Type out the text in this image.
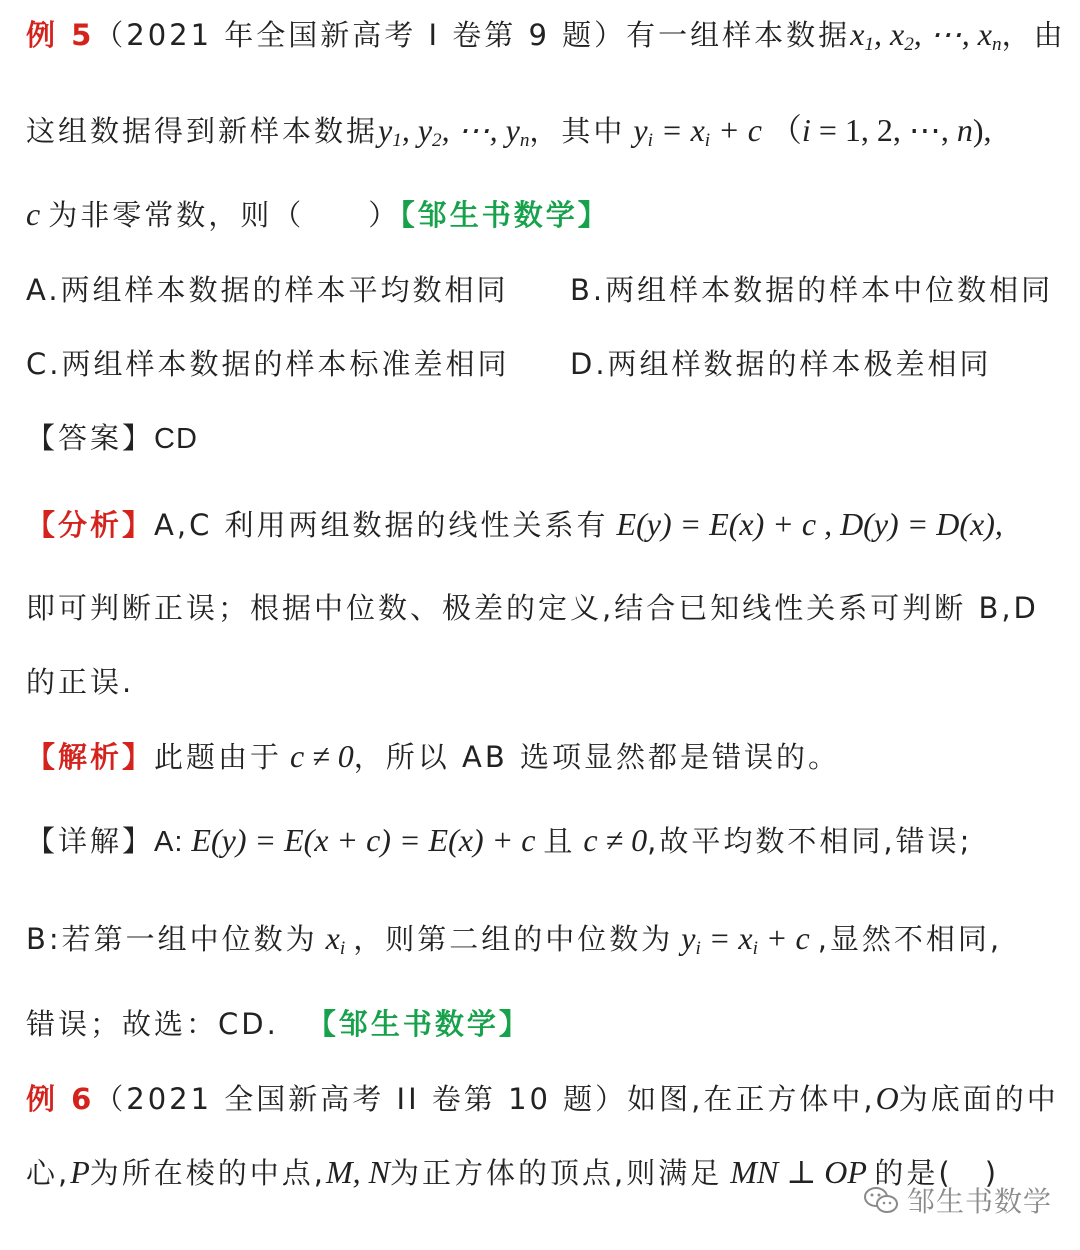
例 5（2021 年全国新高考 I 卷第 9 题）有一组样本数据$x_1$, $x_2$, ⋯, $x_n$，由
这组数据得到新样本数据$y_1$, $y_2$, ⋯, $y_n$，其中 $y_i = x_i + c$ （i = 1, 2, ⋯, n),
c 为非零常数，则（　　）【邹生书数学】
A.两组样本数据的样本平均数相同 B.两组样本数据的样本中位数相同
C.两组样本数据的样本标准差相同 D.两组样数据的样本极差相同
【答案】CD
【分析】A,C 利用两组数据的线性关系有 E(y) = E(x) + c , D(y) = D(x),
即可判断正误；根据中位数、极差的定义,结合已知线性关系可判断 B,D
的正误.
【解析】此题由于 c ≠ 0，所以 AB 选项显然都是错误的。
【详解】A: E(y) = E(x + c) = E(x) + c 且 c ≠ 0,故平均数不相同,错误;
B:若第一组中位数为 $x_i$ ，则第二组的中位数为 $y_i = x_i + c$ ,显然不相同,
错误；故选：CD. 【邹生书数学】
例 6（2021 全国新高考 II 卷第 10 题）如图,在正方体中,O为底面的中
心,P为所在棱的中点,M, N为正方体的顶点,则满足 MN ⊥ OP 的是(　)
邹生书数学
